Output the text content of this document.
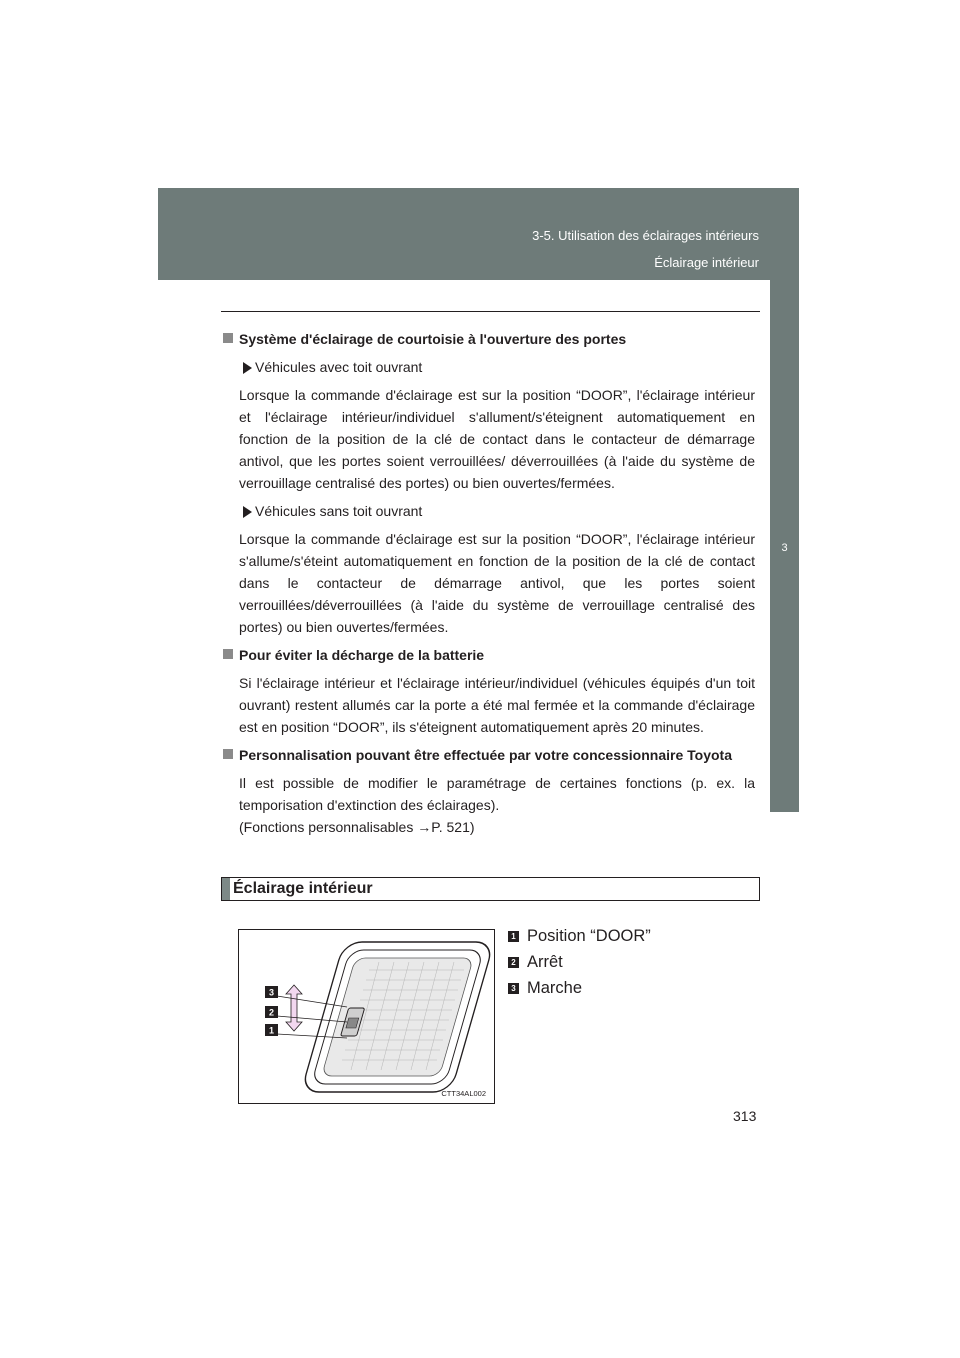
3-5. Utilisation des éclairages intérieurs
Éclairage intérieur
3
Équipements intérieurs
Système d'éclairage de courtoisie à l'ouverture des portes
Véhicules avec toit ouvrant
Lorsque la commande d'éclairage est sur la position “DOOR”, l'éclairage intérieur et l'éclairage intérieur/individuel s'allument/s'éteignent automatiquement en fonction de la position de la clé de contact dans le contacteur de démarrage antivol, que les portes soient verrouillées/ déverrouillées (à l'aide du système de verrouillage centralisé des portes) ou bien ouvertes/fermées.
Véhicules sans toit ouvrant
Lorsque la commande d'éclairage est sur la position “DOOR”, l'éclairage intérieur s'allume/s'éteint automatiquement en fonction de la position de la clé de contact dans le contacteur de démarrage antivol, que les portes soient verrouillées/déverrouillées (à l'aide du système de verrouillage centralisé des portes) ou bien ouvertes/fermées.
Pour éviter la décharge de la batterie
Si l'éclairage intérieur et l'éclairage intérieur/individuel (véhicules équipés d'un toit ouvrant) restent allumés car la porte a été mal fermée et la commande d'éclairage est en position “DOOR”, ils s'éteignent automatiquement après 20 minutes.
Personnalisation pouvant être effectuée par votre concessionnaire Toyota
Il est possible de modifier le paramétrage de certaines fonctions (p. ex. la temporisation d'extinction des éclairages).
(Fonctions personnalisables →P. 521)
Éclairage intérieur
3
2
1
CTT34AL002
1 Position “DOOR”
2 Arrêt
3 Marche
313
